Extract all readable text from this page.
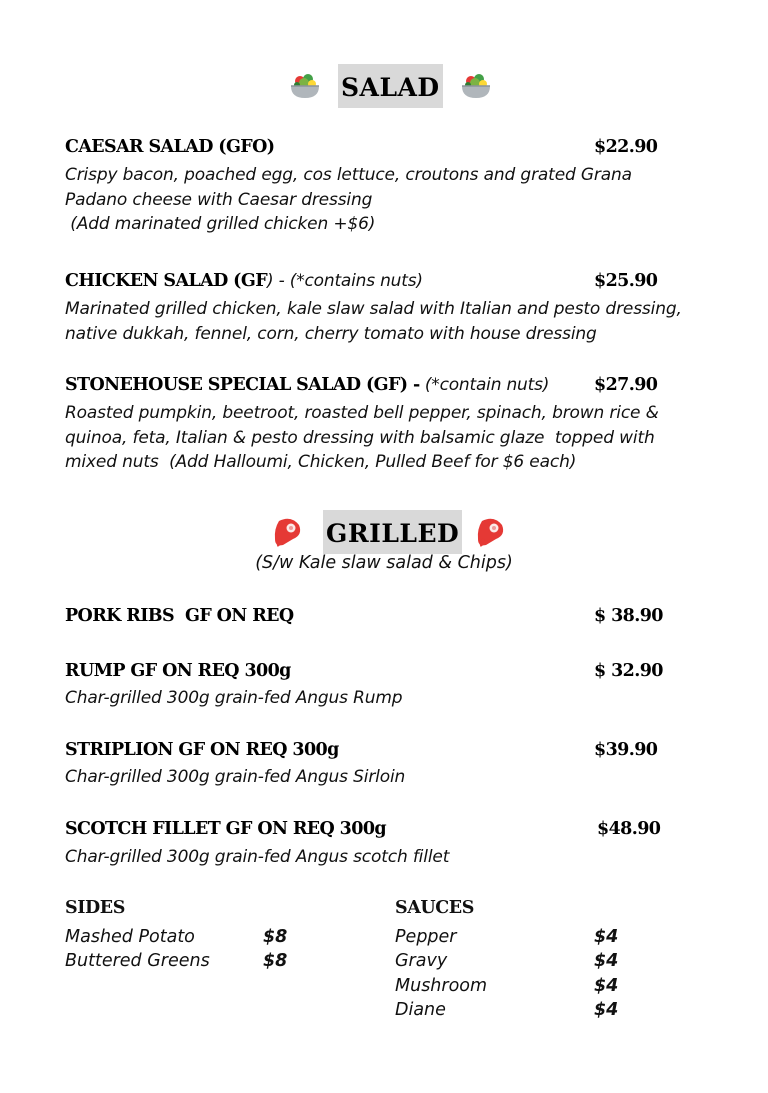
SALAD
CAESAR SALAD (GFO)	$22.90
Crispy bacon, poached egg, cos lettuce, croutons and grated Grana
Padano cheese with Caesar dressing
(Add marinated grilled chicken +$6)
CHICKEN SALAD (GF) - (*contains nuts)	$25.90
Marinated grilled chicken, kale slaw salad with Italian and pesto dressing,
native dukkah, fennel, corn, cherry tomato with house dressing
STONEHOUSE SPECIAL SALAD (GF) - (*contain nuts)	$27.90
Roasted pumpkin, beetroot, roasted bell pepper, spinach, brown rice &
quinoa, feta, Italian & pesto dressing with balsamic glaze  topped with
mixed nuts  (Add Halloumi, Chicken, Pulled Beef for $6 each)
GRILLED
(S/w Kale slaw salad & Chips)
PORK RIBS  GF ON REQ	$ 38.90
RUMP GF ON REQ 300g	$ 32.90
Char-grilled 300g grain-fed Angus Rump
STRIPLION GF ON REQ 300g	$39.90
Char-grilled 300g grain-fed Angus Sirloin
SCOTCH FILLET GF ON REQ 300g	$48.90
Char-grilled 300g grain-fed Angus scotch fillet
SIDES
Mashed Potato	$8
Buttered Greens	$8
SAUCES
Pepper	$4
Gravy	$4
Mushroom	$4
Diane	$4
